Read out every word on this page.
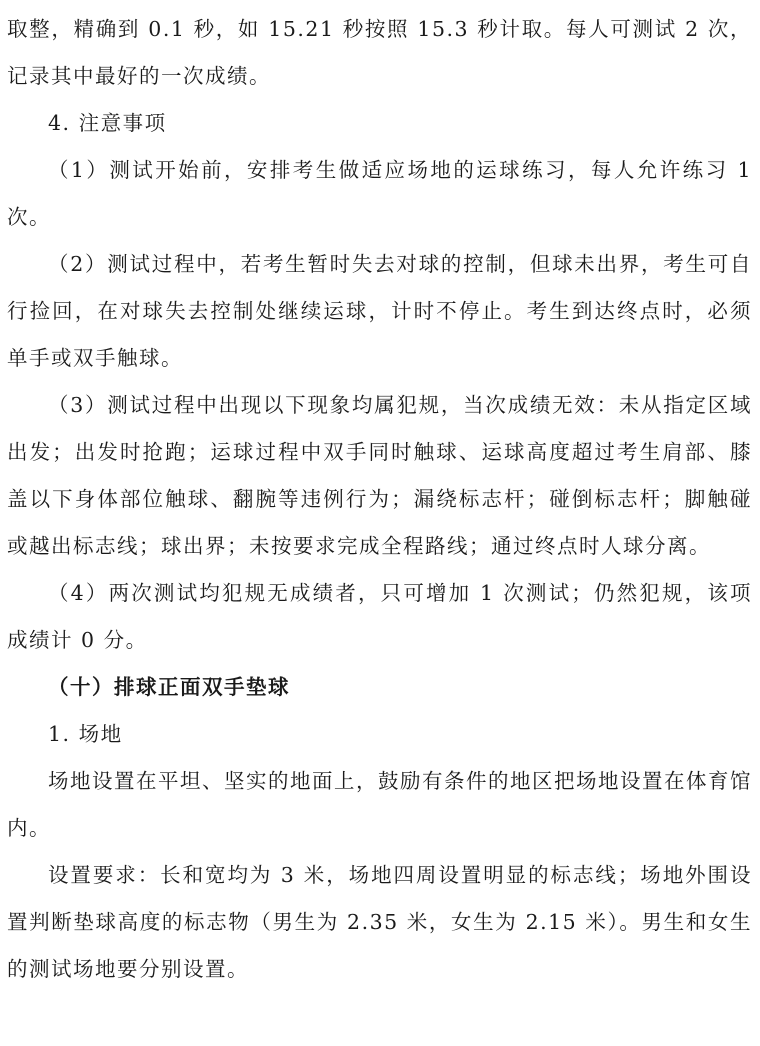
取整，精确到 0.1 秒，如 15.21 秒按照 15.3 秒计取。每人可测试 2 次，记录其中最好的一次成绩。

4. 注意事项

（1）测试开始前，安排考生做适应场地的运球练习，每人允许练习 1 次。

（2）测试过程中，若考生暂时失去对球的控制，但球未出界，考生可自行捡回，在对球失去控制处继续运球，计时不停止。考生到达终点时，必须单手或双手触球。

（3）测试过程中出现以下现象均属犯规，当次成绩无效：未从指定区域出发；出发时抢跑；运球过程中双手同时触球、运球高度超过考生肩部、膝盖以下身体部位触球、翻腕等违例行为；漏绕标志杆；碰倒标志杆；脚触碰或越出标志线；球出界；未按要求完成全程路线；通过终点时人球分离。

（4）两次测试均犯规无成绩者，只可增加 1 次测试；仍然犯规，该项成绩计 0 分。

（十）排球正面双手垫球

1. 场地

场地设置在平坦、坚实的地面上，鼓励有条件的地区把场地设置在体育馆内。

设置要求：长和宽均为 3 米，场地四周设置明显的标志线；场地外围设置判断垫球高度的标志物（男生为 2.35 米，女生为 2.15 米）。男生和女生的测试场地要分别设置。
